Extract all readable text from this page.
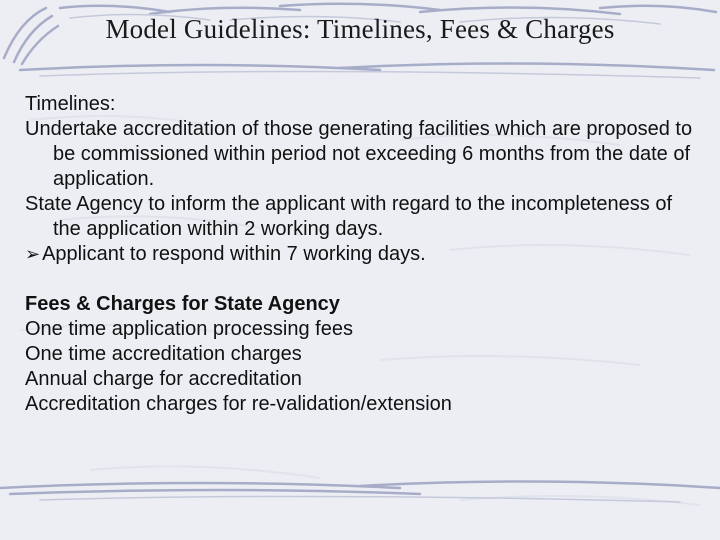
Model Guidelines: Timelines, Fees & Charges

Timelines:

Undertake accreditation of those generating facilities which are proposed to be commissioned within period not exceeding 6 months from the date of application.

State Agency to inform the applicant with regard to the incompleteness of the application within 2 working days.

➢ Applicant to respond within 7 working days.

Fees & Charges for State Agency

One time application processing fees

One time accreditation charges

Annual charge for accreditation

Accreditation charges for re-validation/extension
